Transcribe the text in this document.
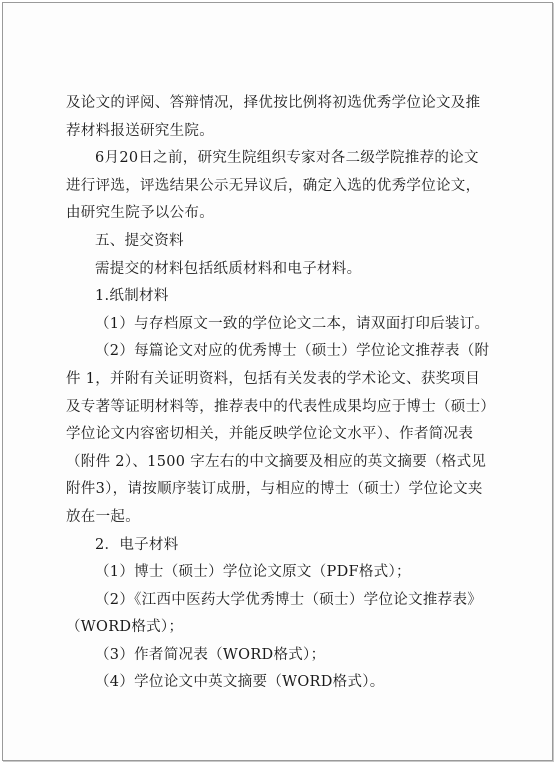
及论文的评阅、答辩情况，择优按比例将初选优秀学位论文及推
荐材料报送研究生院。
6月20日之前，研究生院组织专家对各二级学院推荐的论文
进行评选，评选结果公示无异议后，确定入选的优秀学位论文，
由研究生院予以公布。
五、提交资料
需提交的材料包括纸质材料和电子材料。
1.纸制材料
（1）与存档原文一致的学位论文二本，请双面打印后装订。
（2）每篇论文对应的优秀博士（硕士）学位论文推荐表（附
件 1，并附有关证明资料，包括有关发表的学术论文、获奖项目
及专著等证明材料等，推荐表中的代表性成果均应于博士（硕士）
学位论文内容密切相关，并能反映学位论文水平）、作者简况表
（附件 2）、1500 字左右的中文摘要及相应的英文摘要（格式见
附件3），请按顺序装订成册，与相应的博士（硕士）学位论文夹
放在一起。
2．电子材料
（1）博士（硕士）学位论文原文（PDF格式）；
（2）《江西中医药大学优秀博士（硕士）学位论文推荐表》
（WORD格式）；
（3）作者简况表（WORD格式）；
（4）学位论文中英文摘要（WORD格式）。
